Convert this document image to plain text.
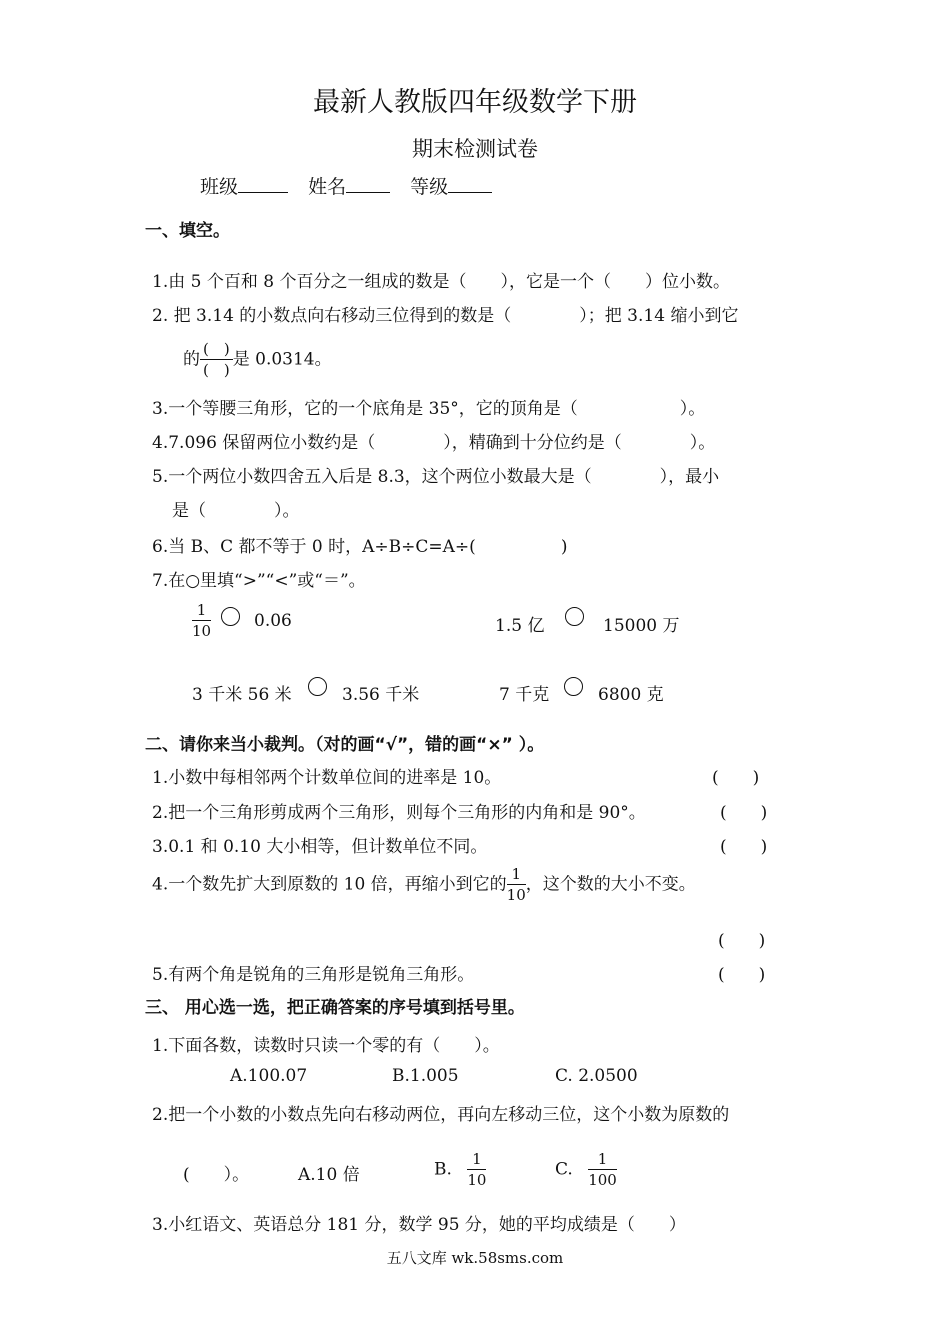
最新人教版四年级数学下册
期末检测试卷
班级	姓名	等级
一、填空。
1.由 5 个百和 8 个百分之一组成的数是（　　），它是一个（　　）位小数。
2. 把 3.14 的小数点向右移动三位得到的数是（　　　　）；把 3.14 缩小到它
的 $\frac{( )}{( )}$ 是 0.0314。
3.一个等腰三角形，它的一个底角是 35°，它的顶角是（　　　　　　）。
4.7.096 保留两位小数约是（　　　　），精确到十分位约是（　　　　）。
5.一个两位小数四舍五入后是 8.3，这个两位小数最大是（　　　　），最小
是（　　　　）。
6.当 B、C 都不等于 0 时，A÷B÷C=A÷(　　　　　)
7.在○里填“>”“<”或“＝”。
$\frac{1}{10}$	0.06	1.5 亿	15000 万
3 千米 56 米	3.56 千米	7 千克	6800 克
二、请你来当小裁判。（对的画“√”，错的画“×” ）。
1.小数中每相邻两个计数单位间的进率是 10。	(　　)
2.把一个三角形剪成两个三角形，则每个三角形的内角和是 90°。	(　　)
3.0.1 和 0.10 大小相等，但计数单位不同。	(　　)
4.一个数先扩大到原数的 10 倍，再缩小到它的 $\frac{1}{10}$ ，这个数的大小不变。
(　　)
5.有两个角是锐角的三角形是锐角三角形。	(　　)
三、 用心选一选，把正确答案的序号填到括号里。
1.下面各数，读数时只读一个零的有（　　）。
A.100.07	B.1.005	C. 2.0500
2.把一个小数的小数点先向右移动两位，再向左移动三位，这个小数为原数的
(　　）。	A.10 倍	B. $\frac{1}{10}$	C. $\frac{1}{100}$
3.小红语文、英语总分 181 分，数学 95 分，她的平均成绩是（　　）
五八文库 wk.58sms.com
